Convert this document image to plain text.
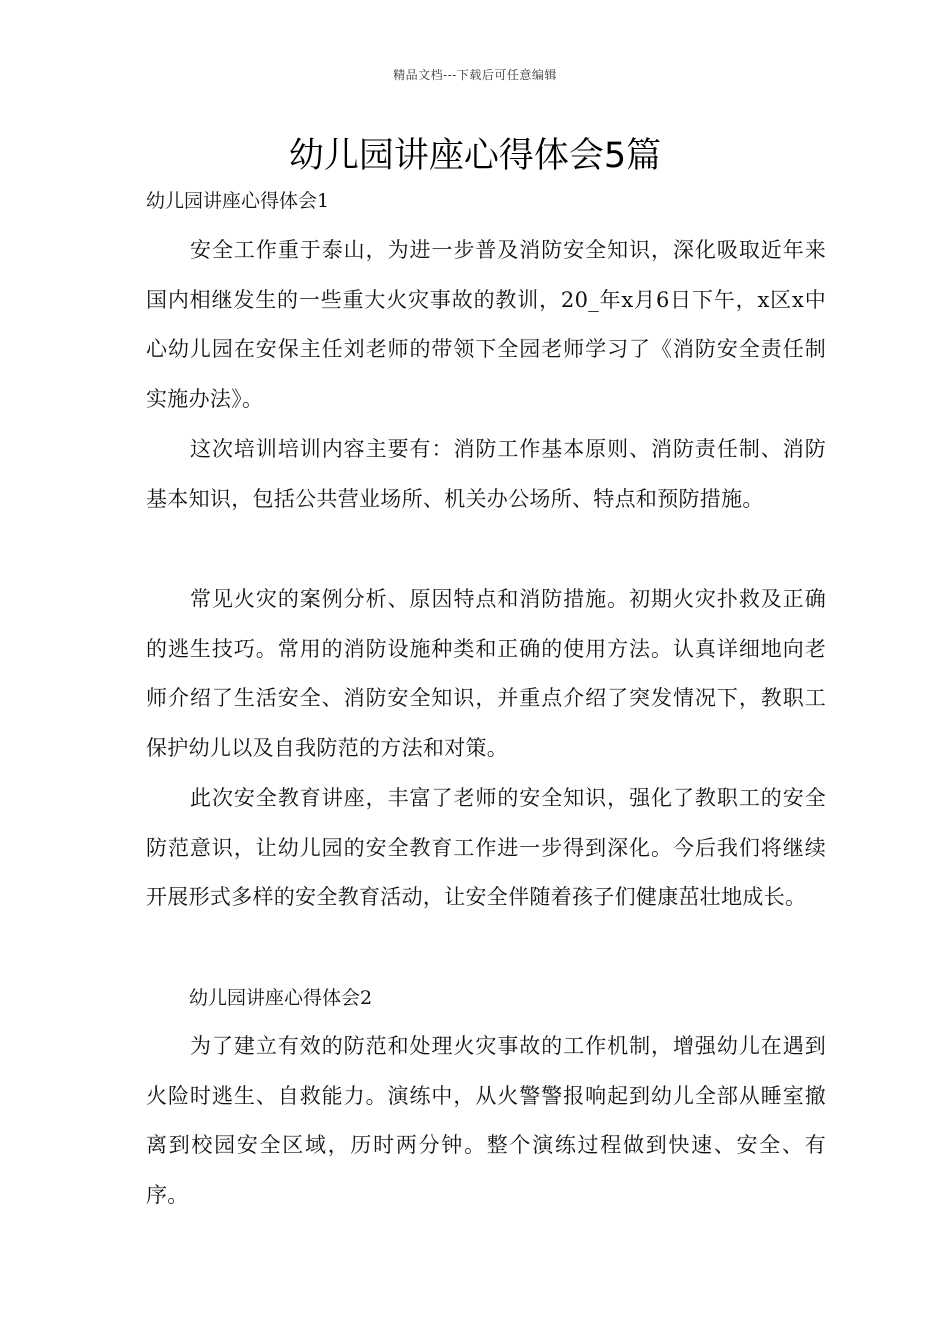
精品文档---下载后可任意编辑
幼儿园讲座心得体会5篇
幼儿园讲座心得体会1

安全工作重于泰山，为进一步普及消防安全知识，深化吸取近年来国内相继发生的一些重大火灾事故的教训，20_年x月6日下午，x区x中心幼儿园在安保主任刘老师的带领下全园老师学习了《消防安全责任制实施办法》。

这次培训培训内容主要有：消防工作基本原则、消防责任制、消防基本知识，包括公共营业场所、机关办公场所、特点和预防措施。

常见火灾的案例分析、原因特点和消防措施。初期火灾扑救及正确的逃生技巧。常用的消防设施种类和正确的使用方法。认真详细地向老师介绍了生活安全、消防安全知识，并重点介绍了突发情况下，教职工保护幼儿以及自我防范的方法和对策。

此次安全教育讲座，丰富了老师的安全知识，强化了教职工的安全防范意识，让幼儿园的安全教育工作进一步得到深化。今后我们将继续开展形式多样的安全教育活动，让安全伴随着孩子们健康茁壮地成长。

幼儿园讲座心得体会2

为了建立有效的防范和处理火灾事故的工作机制，增强幼儿在遇到火险时逃生、自救能力。演练中，从火警警报响起到幼儿全部从睡室撤离到校园安全区域，历时两分钟。整个演练过程做到快速、安全、有序。
